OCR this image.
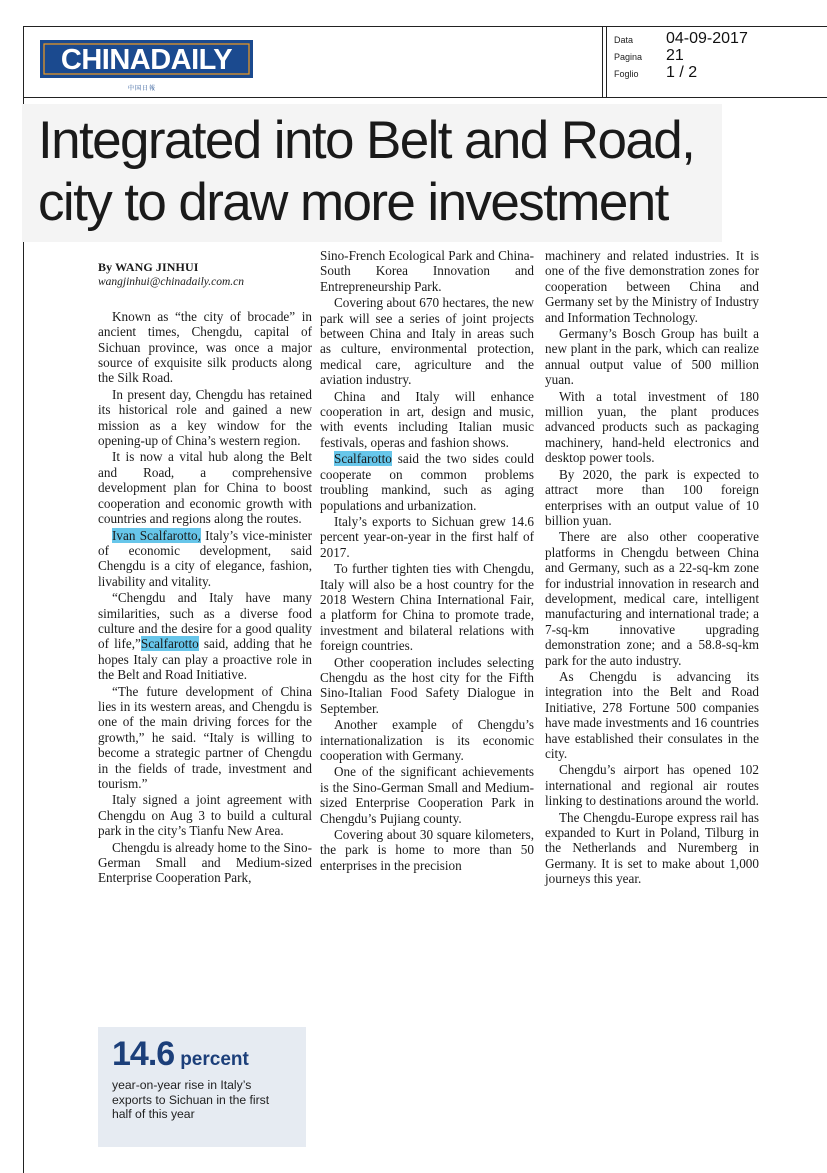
CHINADAILY
中国日報
Data	04-09-2017
Pagina	21
Foglio	1 / 2
Integrated into Belt and Road,
city to draw more investment
By WANG JINHUI
wangjinhui@chinadaily.com.cn

Known as “the city of brocade” in ancient times, Chengdu, capital of Sichuan province, was once a major source of exquisite silk products along the Silk Road.

In present day, Chengdu has retained its historical role and gained a new mission as a key window for the opening-up of China’s western region.

It is now a vital hub along the Belt and Road, a comprehensive development plan for China to boost cooperation and economic growth with countries and regions along the routes.

Ivan Scalfarotto, Italy’s vice-minister of economic development, said Chengdu is a city of elegance, fashion, livability and vitality.

“Chengdu and Italy have many similarities, such as a diverse food culture and the desire for a good quality of life,”Scalfarotto said, adding that he hopes Italy can play a proactive role in the Belt and Road Initiative.

“The future development of China lies in its western areas, and Chengdu is one of the main driving forces for the growth,” he said. “Italy is willing to become a strategic partner of Chengdu in the fields of trade, investment and tourism.”

Italy signed a joint agreement with Chengdu on Aug 3 to build a cultural park in the city’s Tianfu New Area.

Chengdu is already home to the Sino-German Small and Medium-sized Enterprise Cooperation Park,

Sino-French Ecological Park and China-South Korea Innovation and Entrepreneurship Park.

Covering about 670 hectares, the new park will see a series of joint projects between China and Italy in areas such as culture, environmental protection, medical care, agriculture and the aviation industry.

China and Italy will enhance cooperation in art, design and music, with events including Italian music festivals, operas and fashion shows.

Scalfarotto said the two sides could cooperate on common problems troubling mankind, such as aging populations and urbanization.

Italy’s exports to Sichuan grew 14.6 percent year-on-year in the first half of 2017.

To further tighten ties with Chengdu, Italy will also be a host country for the 2018 Western China International Fair, a platform for China to promote trade, investment and bilateral relations with foreign countries.

Other cooperation includes selecting Chengdu as the host city for the Fifth Sino-Italian Food Safety Dialogue in September.

Another example of Chengdu’s internationalization is its economic cooperation with Germany.

One of the significant achievements is the Sino-German Small and Medium-sized Enterprise Cooperation Park in Chengdu’s Pujiang county.

Covering about 30 square kilometers, the park is home to more than 50 enterprises in the precision

machinery and related industries. It is one of the five demonstration zones for cooperation between China and Germany set by the Ministry of Industry and Information Technology.

Germany’s Bosch Group has built a new plant in the park, which can realize annual output value of 500 million yuan.

With a total investment of 180 million yuan, the plant produces advanced products such as packaging machinery, hand-held electronics and desktop power tools.

By 2020, the park is expected to attract more than 100 foreign enterprises with an output value of 10 billion yuan.

There are also other cooperative platforms in Chengdu between China and Germany, such as a 22-sq-km zone for industrial innovation in research and development, medical care, intelligent manufacturing and international trade; a 7-sq-km innovative upgrading demonstration zone; and a 58.8-sq-km park for the auto industry.

As Chengdu is advancing its integration into the Belt and Road Initiative, 278 Fortune 500 companies have made investments and 16 countries have established their consulates in the city.

Chengdu’s airport has opened 102 international and regional air routes linking to destinations around the world.

The Chengdu-Europe express rail has expanded to Kurt in Poland, Tilburg in the Netherlands and Nuremberg in Germany. It is set to make about 1,000 journeys this year.

14.6 percent
year-on-year rise in Italy’s exports to Sichuan in the first half of this year
